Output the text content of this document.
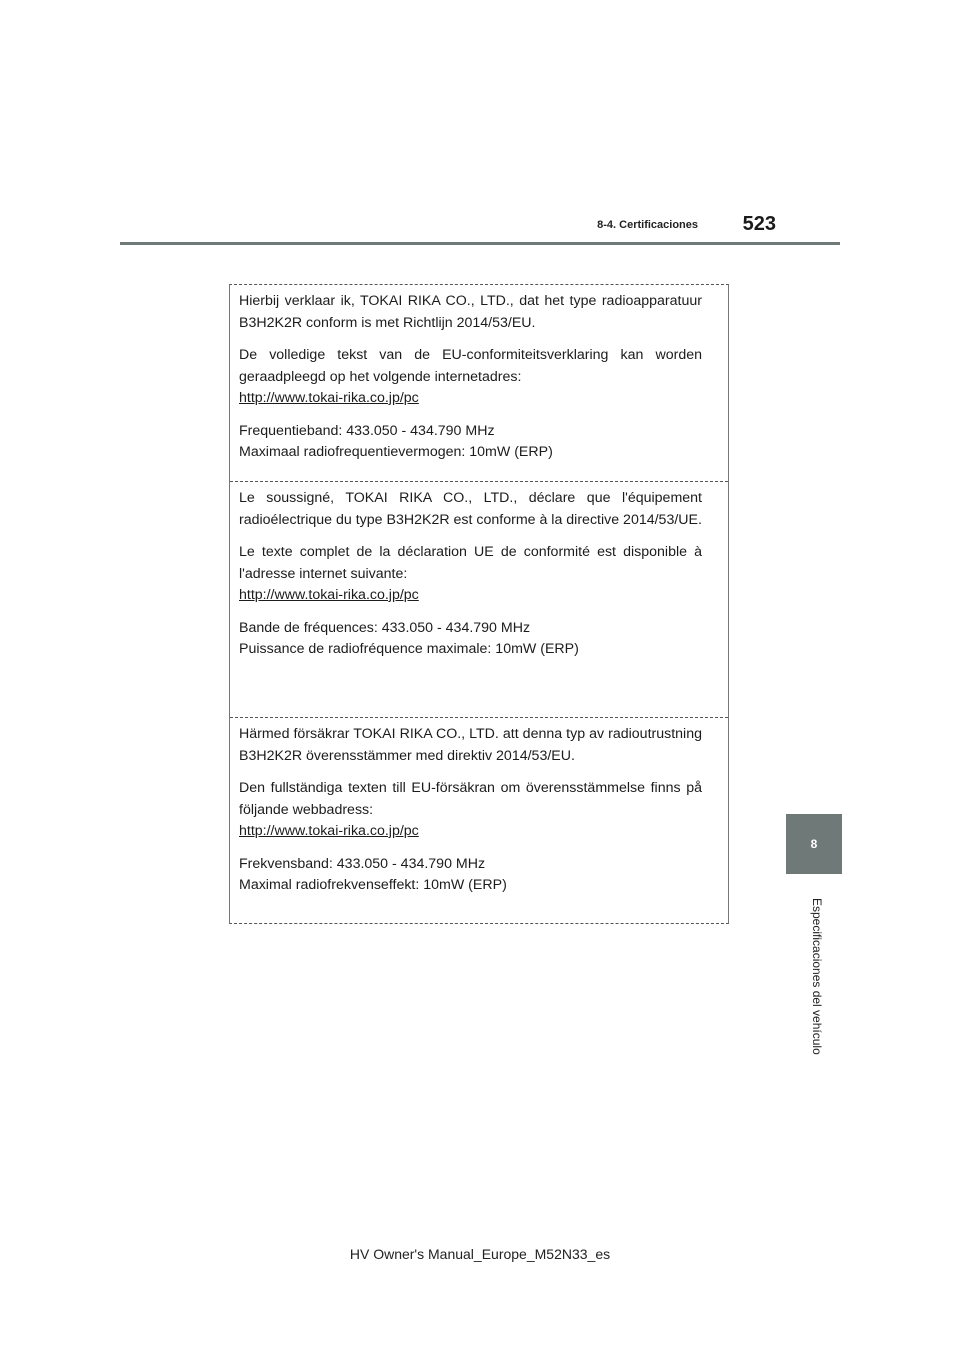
8-4. Certificaciones	523
8
Especificaciones del vehículo

Hierbij verklaar ik, TOKAI RIKA CO., LTD., dat het type radioapparatuur B3H2K2R conform is met Richtlijn 2014/53/EU.

De volledige tekst van de EU-conformiteitsverklaring kan worden geraadpleegd op het volgende internetadres:
http://www.tokai-rika.co.jp/pc

Frequentieband: 433.050 - 434.790 MHz
Maximaal radiofrequentievermogen: 10mW (ERP)

Le soussigné, TOKAI RIKA CO., LTD., déclare que l'équipement radioélectrique du type B3H2K2R est conforme à la directive 2014/53/UE.

Le texte complet de la déclaration UE de conformité est disponible à l'adresse internet suivante:
http://www.tokai-rika.co.jp/pc

Bande de fréquences: 433.050 - 434.790 MHz
Puissance de radiofréquence maximale: 10mW (ERP)

Härmed försäkrar TOKAI RIKA CO., LTD. att denna typ av radioutrustning B3H2K2R överensstämmer med direktiv 2014/53/EU.

Den fullständiga texten till EU-försäkran om överensstämmelse finns på följande webbadress:
http://www.tokai-rika.co.jp/pc

Frekvensband: 433.050 - 434.790 MHz
Maximal radiofrekvenseffekt: 10mW (ERP)

HV Owner's Manual_Europe_M52N33_es
